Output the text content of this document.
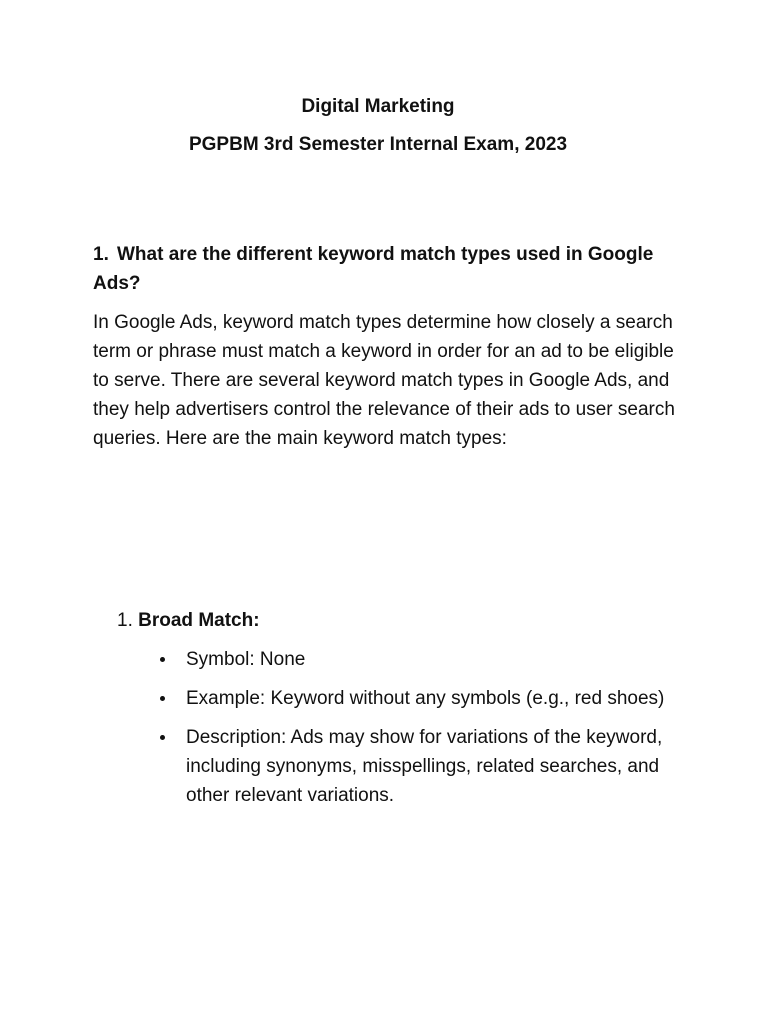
Digital Marketing

PGPBM 3rd Semester Internal Exam, 2023

1. What are the different keyword match types used in Google Ads?

In Google Ads, keyword match types determine how closely a search term or phrase must match a keyword in order for an ad to be eligible to serve. There are several keyword match types in Google Ads, and they help advertisers control the relevance of their ads to user search queries. Here are the main keyword match types:

1. Broad Match:

Symbol: None
Example: Keyword without any symbols (e.g., red shoes)
Description: Ads may show for variations of the keyword, including synonyms, misspellings, related searches, and other relevant variations.
